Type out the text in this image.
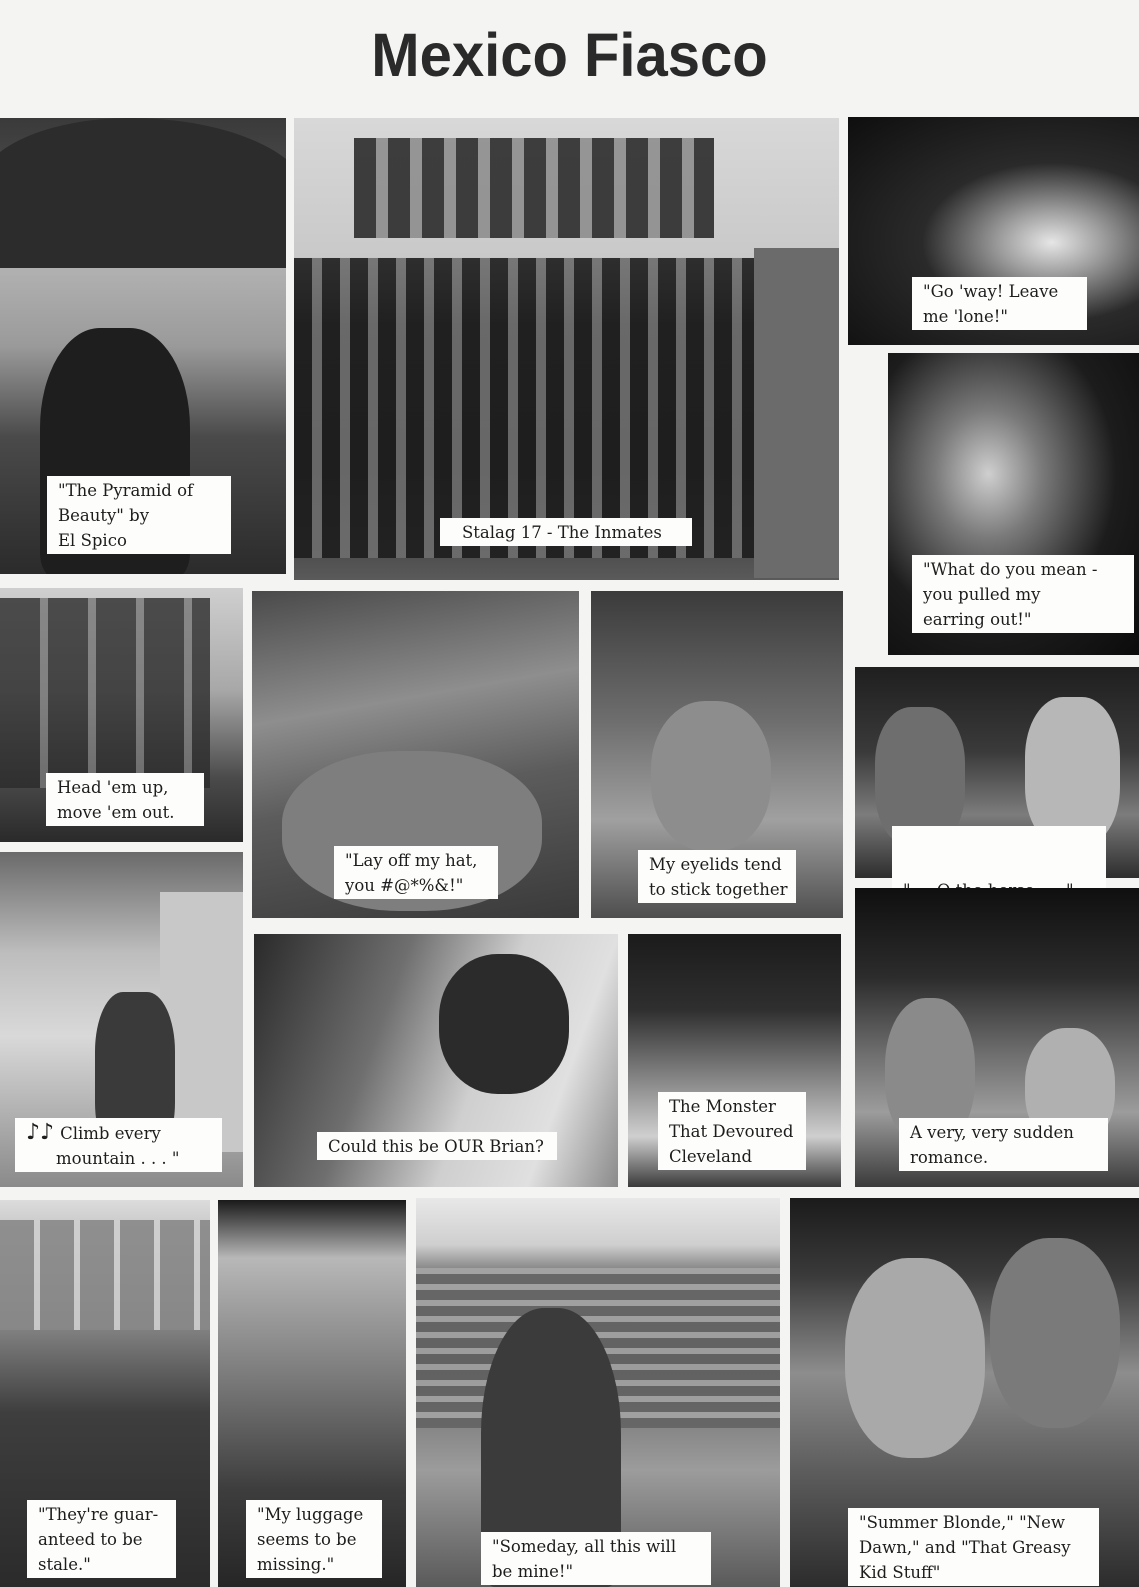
Mexico Fiasco
"The Pyramid of
Beauty" by
El Spico	Stalag 17 - The Inmates
"Go 'way! Leave
me 'lone!"
"What do you mean -
you pulled my
earring out!"
Head 'em up,
move 'em out.
"Lay off my hat,
you #@*%&!"
My eyelids tend
to stick together

♪♪ Climb every
mountain . . . "
Could this be OUR Brian?
The Monster
That Devoured
Cleveland
A very, very sudden
romance.
"They're guar-
anteed to be
stale."
"My luggage
seems to be
missing."
"Someday, all this will
be mine!"
"Summer Blonde," "New
Dawn," and "That Greasy
Kid Stuff"
